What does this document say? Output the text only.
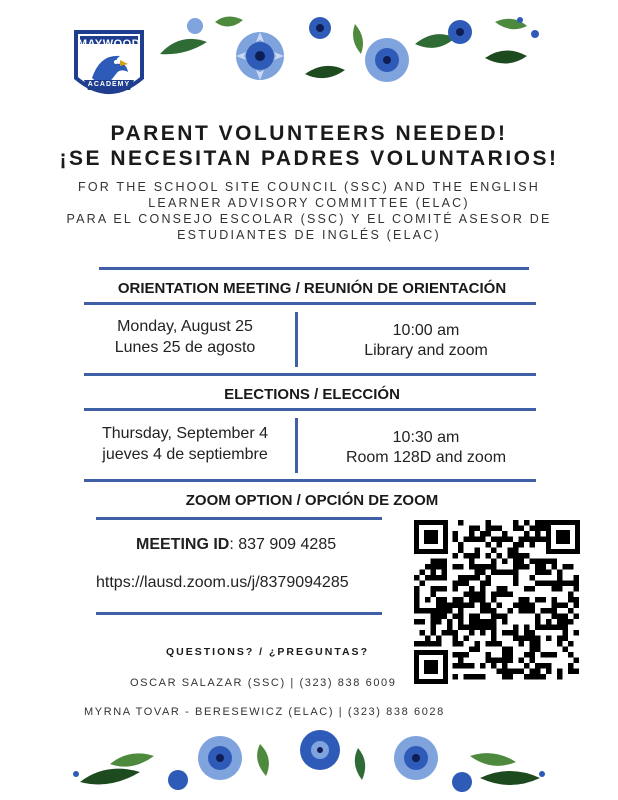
MAYWOOD
ACADEMY
PARENT VOLUNTEERS NEEDED!
¡SE NECESITAN PADRES VOLUNTARIOS!
FOR THE SCHOOL SITE COUNCIL (SSC) AND THE ENGLISH
LEARNER ADVISORY COMMITTEE (ELAC)
PARA EL CONSEJO ESCOLAR (SSC) Y EL COMITÉ ASESOR DE
ESTUDIANTES DE INGLÉS (ELAC)
ORIENTATION MEETING / REUNIÓN DE ORIENTACIÓN
Monday, August 25
Lunes 25 de agosto
10:00 am
Library and zoom
ELECTIONS / ELECCIÓN
Thursday, September 4
jueves 4 de septiembre
10:30 am
Room 128D and zoom
ZOOM OPTION / OPCIÓN DE ZOOM
MEETING ID: 837 909 4285
https://lausd.zoom.us/j/8379094285
QUESTIONS? / ¿PREGUNTAS?
OSCAR SALAZAR (SSC) | (323) 838 6009
MYRNA TOVAR - BERESEWICZ (ELAC) | (323) 838 6028
